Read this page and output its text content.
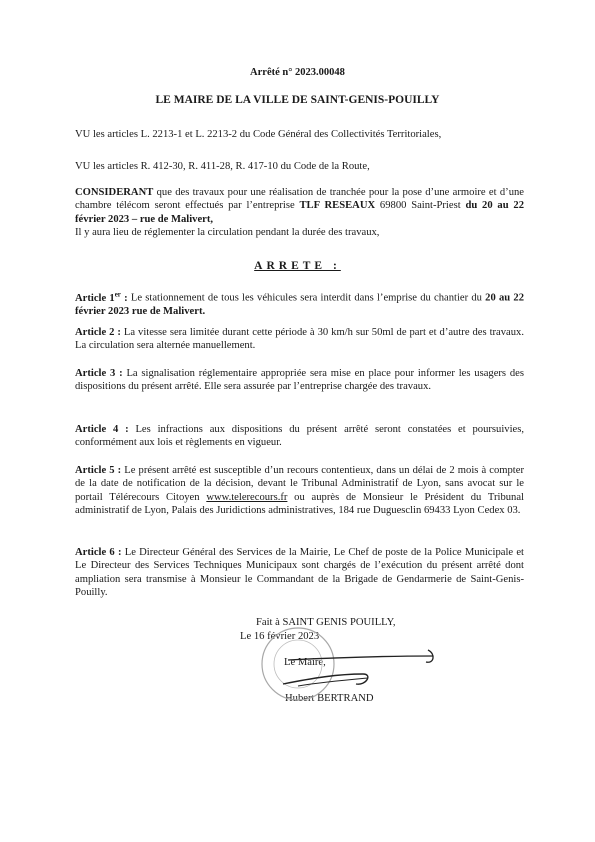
Arrêté n° 2023.00048
LE MAIRE DE LA VILLE DE SAINT-GENIS-POUILLY
VU les articles L. 2213-1 et L. 2213-2 du Code Général des Collectivités Territoriales,
VU les articles R. 412-30, R. 411-28, R. 417-10 du Code de la Route,
CONSIDERANT que des travaux pour une réalisation de tranchée pour la pose d’une armoire et d’une chambre télécom seront effectués par l’entreprise TLF RESEAUX 69800 Saint-Priest du 20 au 22 février 2023 – rue de Malivert,
Il y aura lieu de réglementer la circulation pendant la durée des travaux,
ARRETE :
Article 1er : Le stationnement de tous les véhicules sera interdit dans l’emprise du chantier du 20 au 22 février 2023 rue de Malivert.
Article 2 : La vitesse sera limitée durant cette période à 30 km/h sur 50ml de part et d’autre des travaux. La circulation sera alternée manuellement.
Article 3 : La signalisation réglementaire appropriée sera mise en place pour informer les usagers des dispositions du présent arrêté. Elle sera assurée par l’entreprise chargée des travaux.
Article 4 : Les infractions aux dispositions du présent arrêté seront constatées et poursuivies, conformément aux lois et règlements en vigueur.
Article 5 : Le présent arrêté est susceptible d’un recours contentieux, dans un délai de 2 mois à compter de la date de notification de la décision, devant le Tribunal Administratif de Lyon, sans avocat sur le portail Télérecours Citoyen www.telerecours.fr ou auprès de Monsieur le Président du Tribunal administratif de Lyon, Palais des Juridictions administratives, 184 rue Duguesclin 69433 Lyon Cedex 03.
Article 6 : Le Directeur Général des Services de la Mairie, Le Chef de poste de la Police Municipale et Le Directeur des Services Techniques Municipaux sont chargés de l’exécution du présent arrêté dont ampliation sera transmise à Monsieur le Commandant de la Brigade de Gendarmerie de Saint-Genis-Pouilly.
Fait à SAINT GENIS POUILLY,
Le 16 février 2023
Le Maire,
Hubert BERTRAND
